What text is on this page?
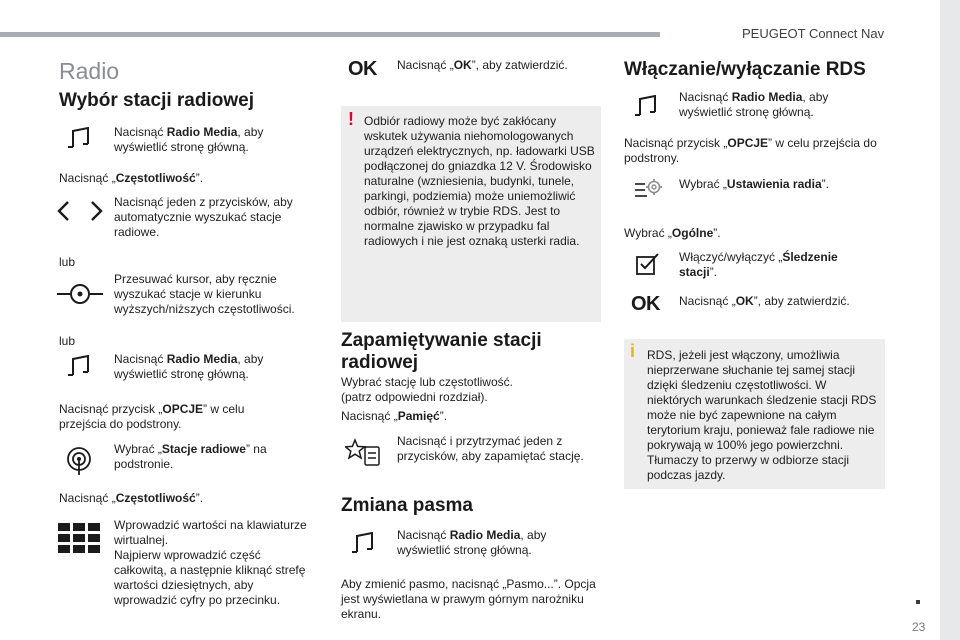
PEUGEOT Connect Nav
Radio
Wybór stacji radiowej
Nacisnąć Radio Media, aby wyświetlić stronę główną.
Nacisnąć „Częstotliwość”.
Nacisnąć jeden z przycisków, aby automatycznie wyszukać stacje radiowe.
lub
Przesuwać kursor, aby ręcznie wyszukać stacje w kierunku wyższych/niższych częstotliwości.
lub
Nacisnąć Radio Media, aby wyświetlić stronę główną.
Nacisnąć przycisk „OPCJE” w celu przejścia do podstrony.
Wybrać „Stacje radiowe” na podstronie.
Nacisnąć „Częstotliwość”.
Wprowadzić wartości na klawiaturze wirtualnej.
Najpierw wprowadzić część całkowitą, a następnie kliknąć strefę wartości dziesiętnych, aby wprowadzić cyfry po przecinku.
OK Nacisnąć „OK”, aby zatwierdzić.
! Odbiór radiowy może być zakłócany wskutek używania niehomologowanych urządzeń elektrycznych, np. ładowarki USB podłączonej do gniazdka 12 V. Środowisko naturalne (wzniesienia, budynki, tunele, parkingi, podziemia) może uniemożliwić odbiór, również w trybie RDS. Jest to normalne zjawisko w przypadku fal radiowych i nie jest oznaką usterki radia.
Zapamiętywanie stacji radiowej
Wybrać stację lub częstotliwość.
(patrz odpowiedni rozdział).
Nacisnąć „Pamięć”.
Nacisnąć i przytrzymać jeden z przycisków, aby zapamiętać stację.
Zmiana pasma
Nacisnąć Radio Media, aby wyświetlić stronę główną.
Aby zmienić pasmo, nacisnąć „Pasmo...”. Opcja jest wyświetlana w prawym górnym narożniku ekranu.
Włączanie/wyłączanie RDS
Nacisnąć Radio Media, aby wyświetlić stronę główną.
Nacisnąć przycisk „OPCJE” w celu przejścia do podstrony.
Wybrać „Ustawienia radia”.
Wybrać „Ogólne”.
Włączyć/wyłączyć „Śledzenie stacji”.
OK Nacisnąć „OK”, aby zatwierdzić.
i RDS, jeżeli jest włączony, umożliwia nieprzerwane słuchanie tej samej stacji dzięki śledzeniu częstotliwości. W niektórych warunkach śledzenie stacji RDS może nie być zapewnione na całym terytorium kraju, ponieważ fale radiowe nie pokrywają w 100% jego powierzchni. Tłumaczy to przerwy w odbiorze stacji podczas jazdy.
23
